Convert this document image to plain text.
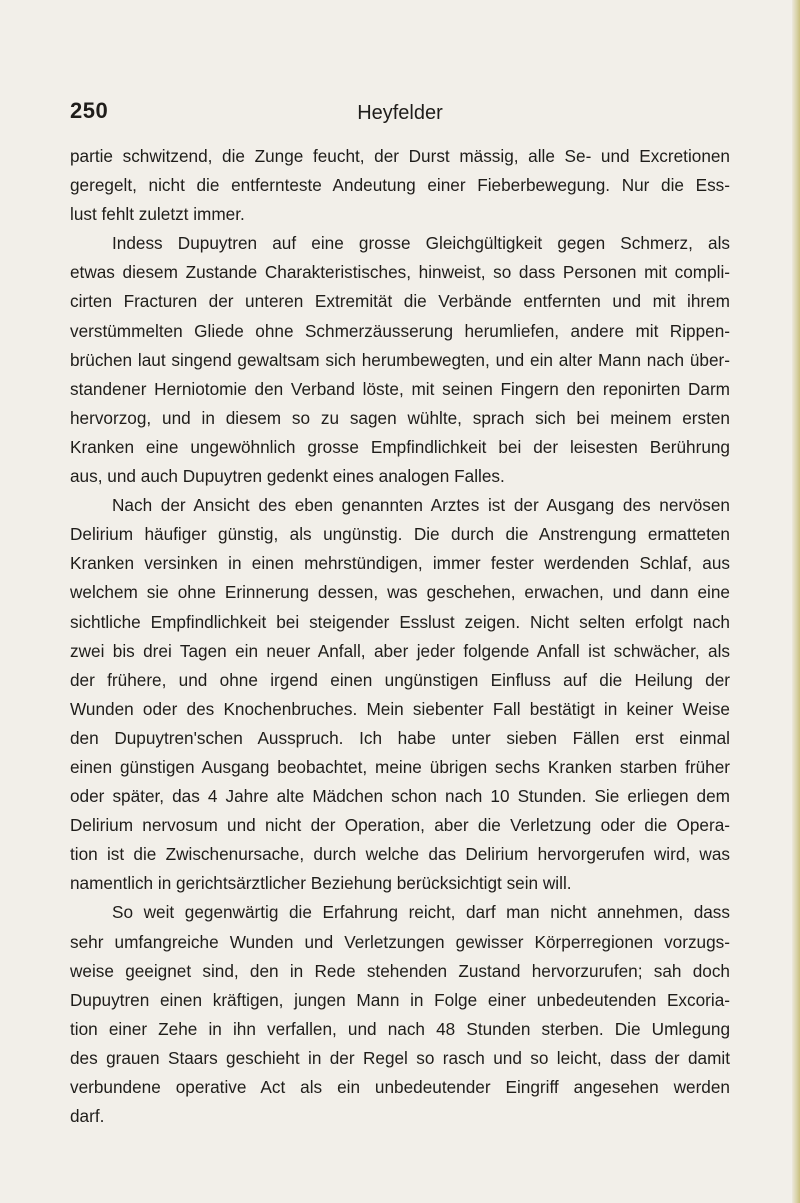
250	Heyfelder
partie schwitzend, die Zunge feucht, der Durst mässig, alle Se- und Excretionen
geregelt, nicht die entfernteste Andeutung einer Fieberbewegung. Nur die Ess-
lust fehlt zuletzt immer.
Indess Dupuytren auf eine grosse Gleichgültigkeit gegen Schmerz, als
etwas diesem Zustande Charakteristisches, hinweist, so dass Personen mit compli-
cirten Fracturen der unteren Extremität die Verbände entfernten und mit ihrem
verstümmelten Gliede ohne Schmerzäusserung herumliefen, andere mit Rippen-
brüchen laut singend gewaltsam sich herumbewegten, und ein alter Mann nach über-
standener Herniotomie den Verband löste, mit seinen Fingern den reponirten Darm
hervorzog, und in diesem so zu sagen wühlte, sprach sich bei meinem ersten
Kranken eine ungewöhnlich grosse Empfindlichkeit bei der leisesten Berührung
aus, und auch Dupuytren gedenkt eines analogen Falles.
Nach der Ansicht des eben genannten Arztes ist der Ausgang des nervösen
Delirium häufiger günstig, als ungünstig. Die durch die Anstrengung ermatteten
Kranken versinken in einen mehrstündigen, immer fester werdenden Schlaf, aus
welchem sie ohne Erinnerung dessen, was geschehen, erwachen, und dann eine
sichtliche Empfindlichkeit bei steigender Esslust zeigen. Nicht selten erfolgt nach
zwei bis drei Tagen ein neuer Anfall, aber jeder folgende Anfall ist schwächer, als
der frühere, und ohne irgend einen ungünstigen Einfluss auf die Heilung der
Wunden oder des Knochenbruches. Mein siebenter Fall bestätigt in keiner Weise
den Dupuytren'schen Ausspruch. Ich habe unter sieben Fällen erst einmal
einen günstigen Ausgang beobachtet, meine übrigen sechs Kranken starben früher
oder später, das 4 Jahre alte Mädchen schon nach 10 Stunden. Sie erliegen dem
Delirium nervosum und nicht der Operation, aber die Verletzung oder die Opera-
tion ist die Zwischenursache, durch welche das Delirium hervorgerufen wird, was
namentlich in gerichtsärztlicher Beziehung berücksichtigt sein will.
So weit gegenwärtig die Erfahrung reicht, darf man nicht annehmen, dass
sehr umfangreiche Wunden und Verletzungen gewisser Körperregionen vorzugs-
weise geeignet sind, den in Rede stehenden Zustand hervorzurufen; sah doch
Dupuytren einen kräftigen, jungen Mann in Folge einer unbedeutenden Excoria-
tion einer Zehe in ihn verfallen, und nach 48 Stunden sterben. Die Umlegung
des grauen Staars geschieht in der Regel so rasch und so leicht, dass der damit
verbundene operative Act als ein unbedeutender Eingriff angesehen werden
darf.
